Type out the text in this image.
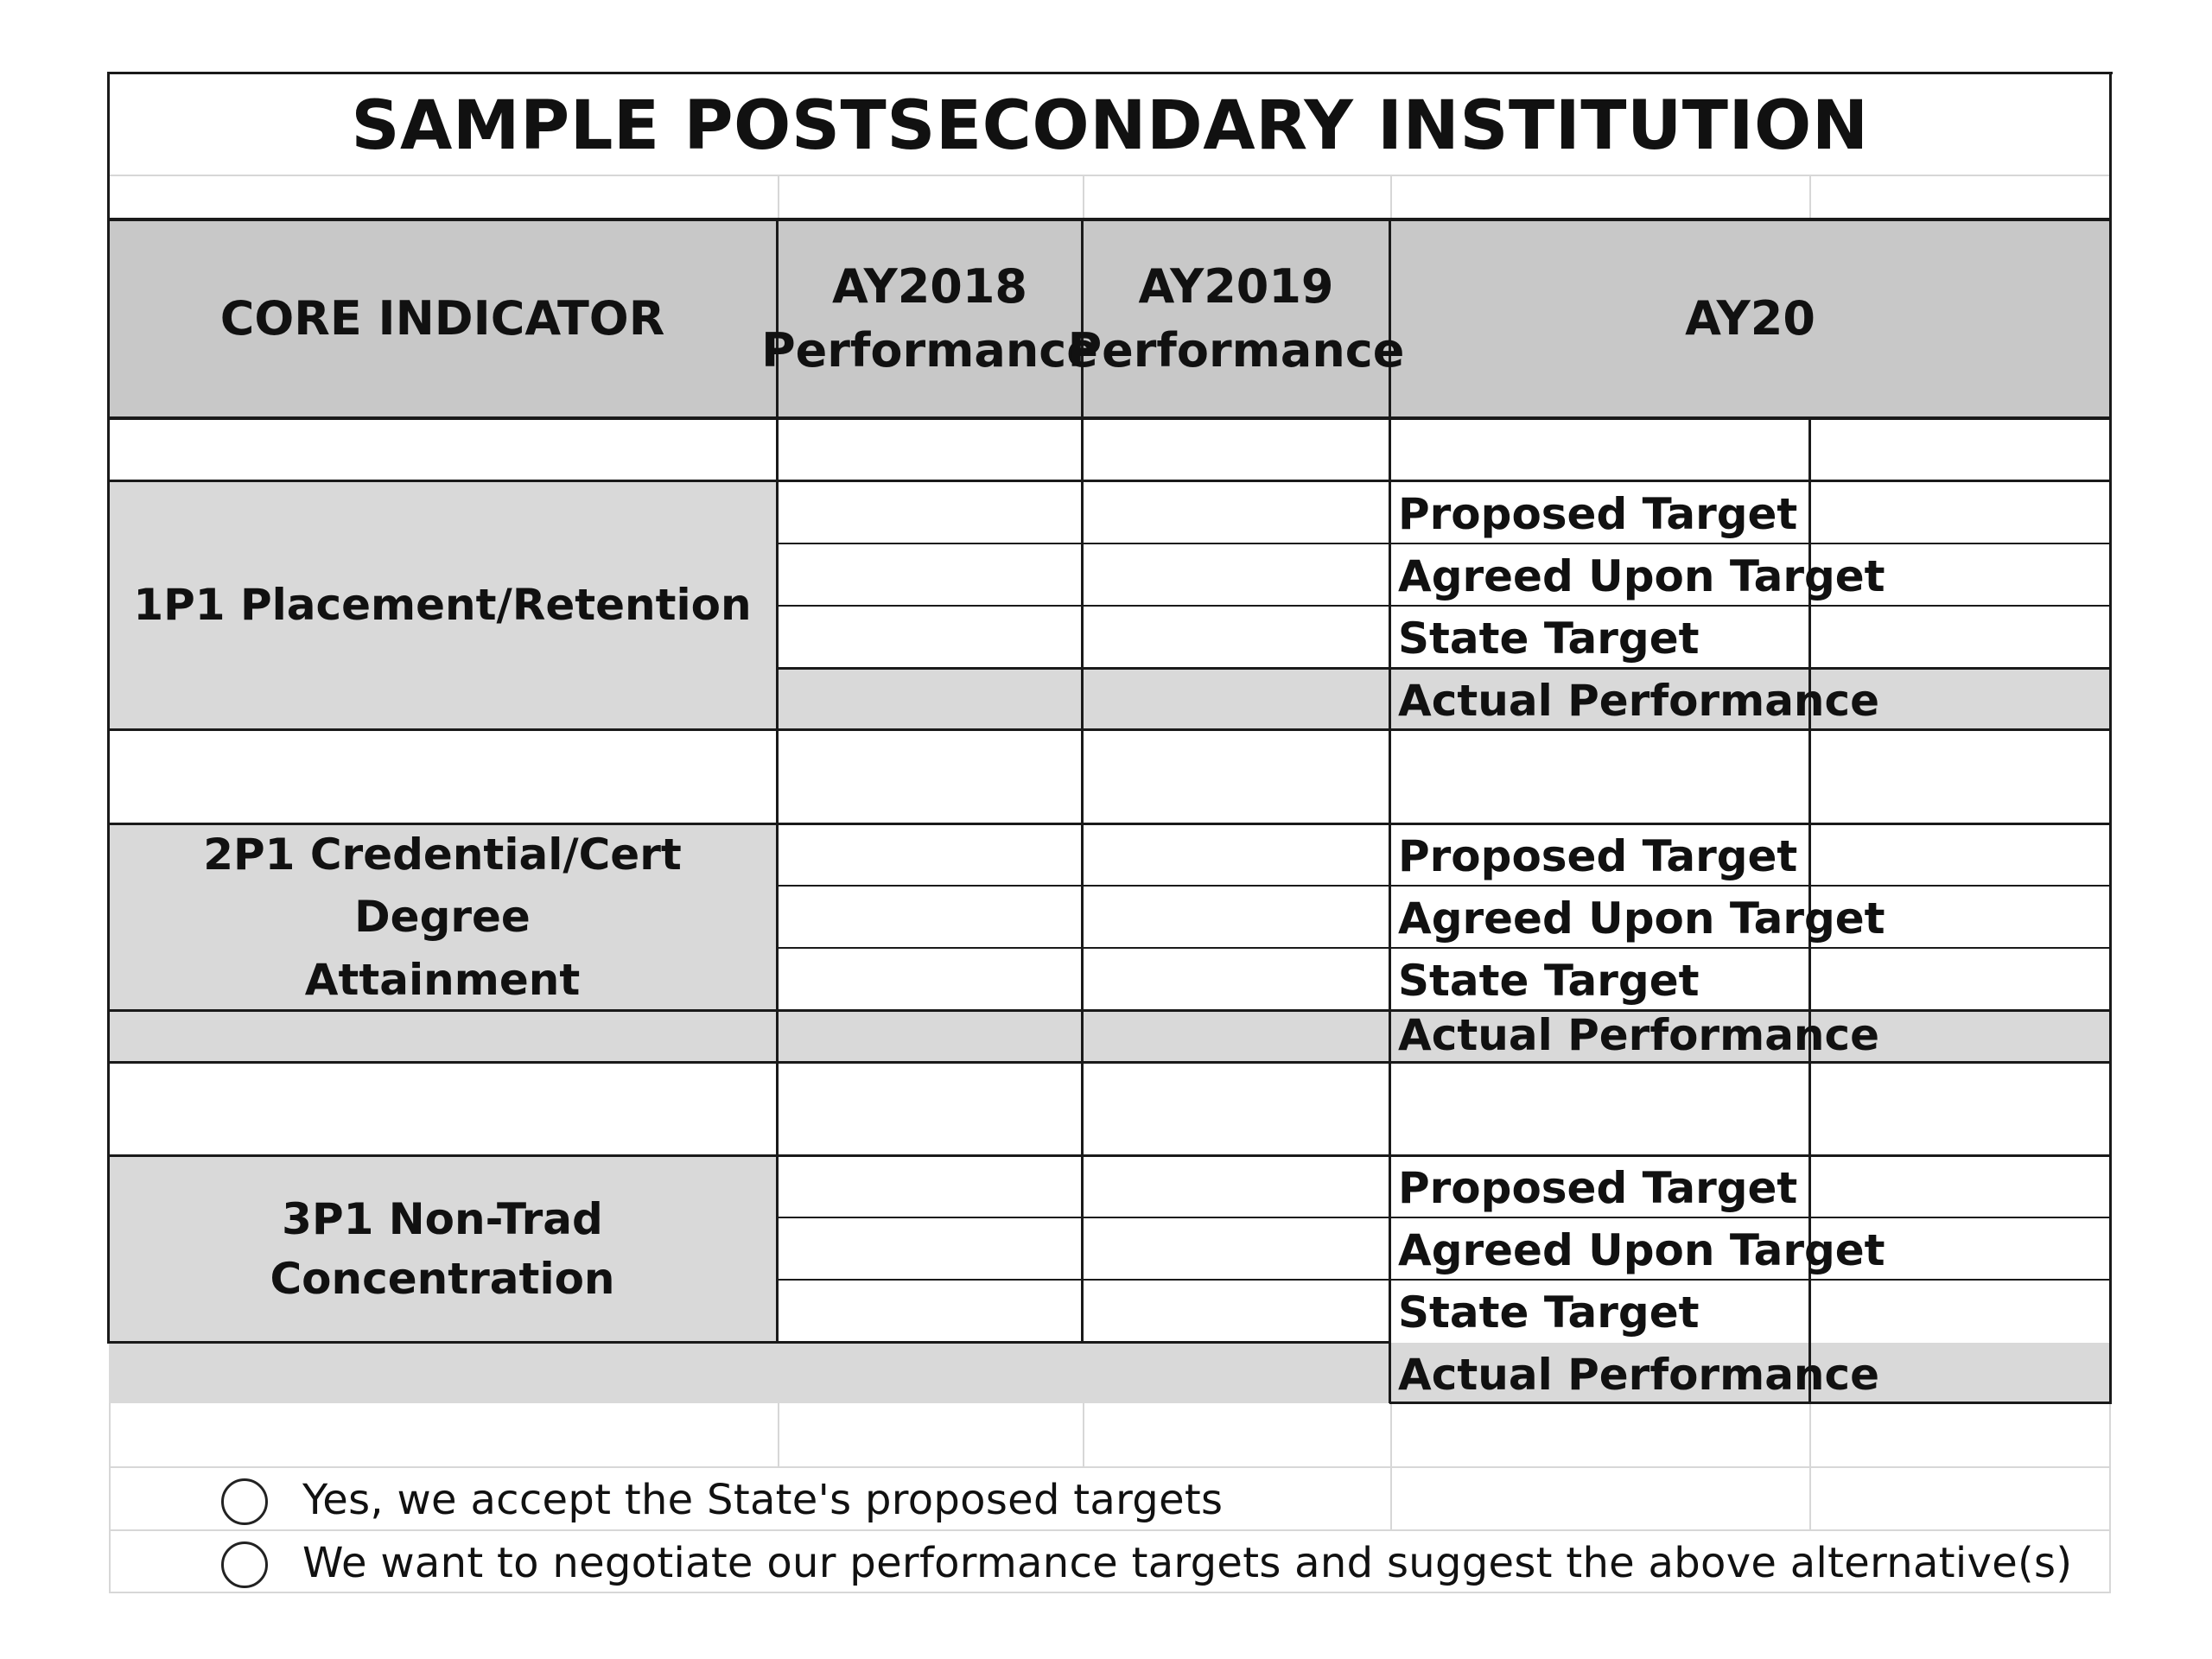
SAMPLE POSTSECONDARY INSTITUTION
CORE INDICATOR
AY2018
Performance
AY2019
Performance
AY20
1P1 Placement/Retention
2P1 Credential/Cert Degree
Attainment
3P1 Non-Trad Concentration
Proposed Target
Agreed Upon Target
State Target
Actual Performance
Proposed Target
Agreed Upon Target
State Target
Actual Performance
Proposed Target
Agreed Upon Target
State Target
Actual Performance
Yes, we accept the State's proposed targets
We want to negotiate our performance targets and suggest the above alternative(s)
